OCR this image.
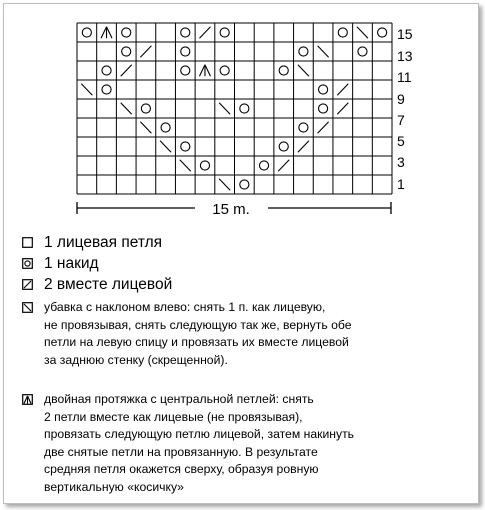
15
13
11
9
7
5
3
1
15 m.
1 лицевая петля
1 накид
2 вместе лицевой
убавка с наклоном влево: снять 1 п. как лицевую,
не провязывая, снять следующую так же, вернуть обе
петли на левую спицу и провязать их вместе лицевой
за заднюю стенку (скрещенной).
двойная протяжка с центральной петлей: снять
2 петли вместе как лицевые (не провязывая),
провязать следующую петлю лицевой, затем накинуть
две снятые петли на провязанную. В результате
средняя петля окажется сверху, образуя ровную
вертикальную «косичку»
